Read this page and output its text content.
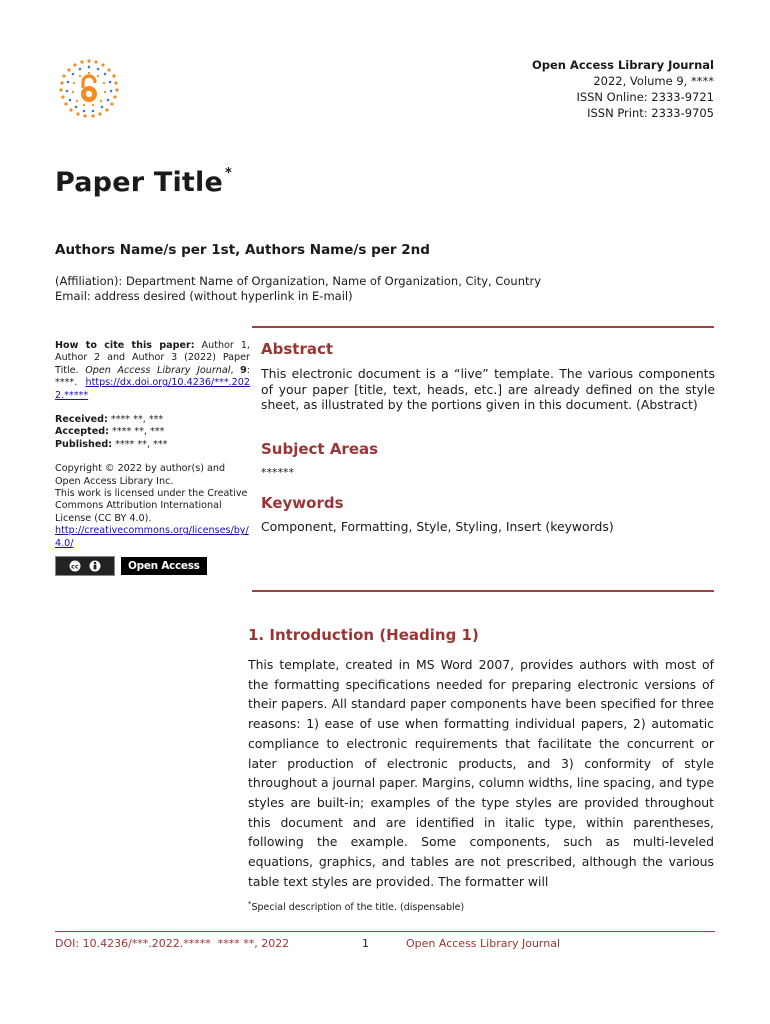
Open Access Library Journal
2022, Volume 9, ****
ISSN Online: 2333-9721
ISSN Print: 2333-9705
Paper Title *
Authors Name/s per 1st, Authors Name/s per 2nd
(Affiliation): Department Name of Organization, Name of Organization, City, Country
Email: address desired (without hyperlink in E-mail)

How to cite this paper: Author 1, Author 2 and Author 3 (2022) Paper Title. Open Access Library Journal, 9: ****. https://dx.doi.org/10.4236/***.2022.*****

Received: **** **, ***
Accepted: **** **, ***
Published: **** **, ***

Copyright © 2022 by author(s) and Open Access Library Inc.
This work is licensed under the Creative Commons Attribution International License (CC BY 4.0).
http://creativecommons.org/licenses/by/4.0/

cc	Open Access
Abstract
This electronic document is a “live” template. The various components of your paper [title, text, heads, etc.] are already defined on the style sheet, as illustrated by the portions given in this document. (Abstract)
Subject Areas
******
Keywords
Component, Formatting, Style, Styling, Insert (keywords)
1. Introduction (Heading 1)

This template, created in MS Word 2007, provides authors with most of the formatting specifications needed for preparing electronic versions of their papers. All standard paper components have been specified for three reasons: 1) ease of use when formatting individual papers, 2) automatic compliance to electronic requirements that facilitate the concurrent or later production of electronic products, and 3) conformity of style throughout a journal paper. Margins, column widths, line spacing, and type styles are built-in; examples of the type styles are provided throughout this document and are identified in italic type, within parentheses, following the example. Some components, such as multi-leveled equations, graphics, and tables are not prescribed, although the various table text styles are provided. The formatter will

*Special description of the title. (dispensable)
DOI: 10.4236/***.2022.***** **** **, 2022	1	Open Access Library Journal
